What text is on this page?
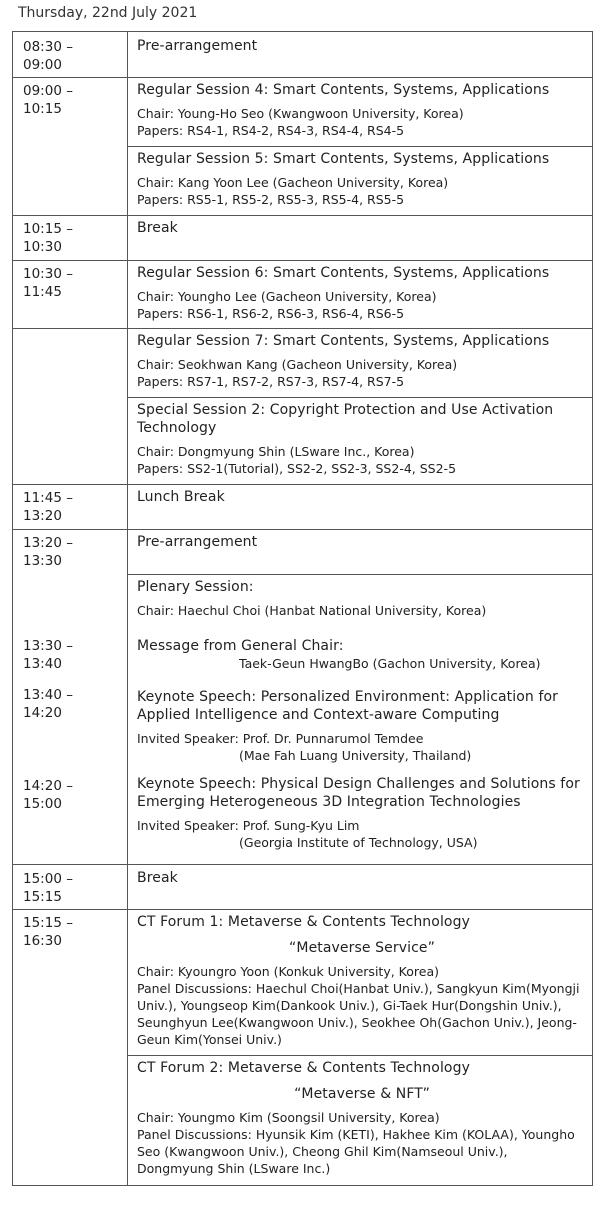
Thursday, 22nd July 2021
08:30 –
09:00
09:00 –
10:15
10:15 –
10:30
10:30 –
11:45
11:45 –
13:20
13:20 –
13:30
13:30 –
13:40
13:40 –
14:20
14:20 –
15:00
15:00 –
15:15
15:15 –
16:30
Pre-arrangement
Regular Session 4: Smart Contents, Systems, Applications
Chair: Young-Ho Seo (Kwangwoon University, Korea)
Papers: RS4-1, RS4-2, RS4-3, RS4-4, RS4-5
Regular Session 5: Smart Contents, Systems, Applications
Chair: Kang Yoon Lee (Gacheon University, Korea)
Papers: RS5-1, RS5-2, RS5-3, RS5-4, RS5-5
Break
Regular Session 6: Smart Contents, Systems, Applications
Chair: Youngho Lee (Gacheon University, Korea)
Papers: RS6-1, RS6-2, RS6-3, RS6-4, RS6-5
Regular Session 7: Smart Contents, Systems, Applications
Chair: Seokhwan Kang (Gacheon University, Korea)
Papers: RS7-1, RS7-2, RS7-3, RS7-4, RS7-5
Special Session 2: Copyright Protection and Use Activation Technology
Chair: Dongmyung Shin (LSware Inc., Korea)
Papers: SS2-1(Tutorial), SS2-2, SS2-3, SS2-4, SS2-5
Lunch Break
Pre-arrangement
Plenary Session:
Chair: Haechul Choi (Hanbat National University, Korea)
Message from General Chair:
Taek-Geun HwangBo (Gachon University, Korea)
Keynote Speech: Personalized Environment: Application for Applied Intelligence and Context-aware Computing
Invited Speaker: Prof. Dr. Punnarumol Temdee
(Mae Fah Luang University, Thailand)
Keynote Speech: Physical Design Challenges and Solutions for Emerging Heterogeneous 3D Integration Technologies
Invited Speaker: Prof. Sung-Kyu Lim
(Georgia Institute of Technology, USA)
Break
CT Forum 1: Metaverse & Contents Technology
“Metaverse Service”
Chair: Kyoungro Yoon (Konkuk University, Korea)
Panel Discussions: Haechul Choi(Hanbat Univ.), Sangkyun Kim(Myongji Univ.), Youngseop Kim(Dankook Univ.), Gi-Taek Hur(Dongshin Univ.), Seunghyun Lee(Kwangwoon Univ.), Seokhee Oh(Gachon Univ.), Jeong-Geun Kim(Yonsei Univ.)
CT Forum 2: Metaverse & Contents Technology
“Metaverse & NFT”
Chair: Youngmo Kim (Soongsil University, Korea)
Panel Discussions: Hyunsik Kim (KETI), Hakhee Kim (KOLAA), Youngho Seo (Kwangwoon Univ.), Cheong Ghil Kim(Namseoul Univ.), Dongmyung Shin (LSware Inc.)
